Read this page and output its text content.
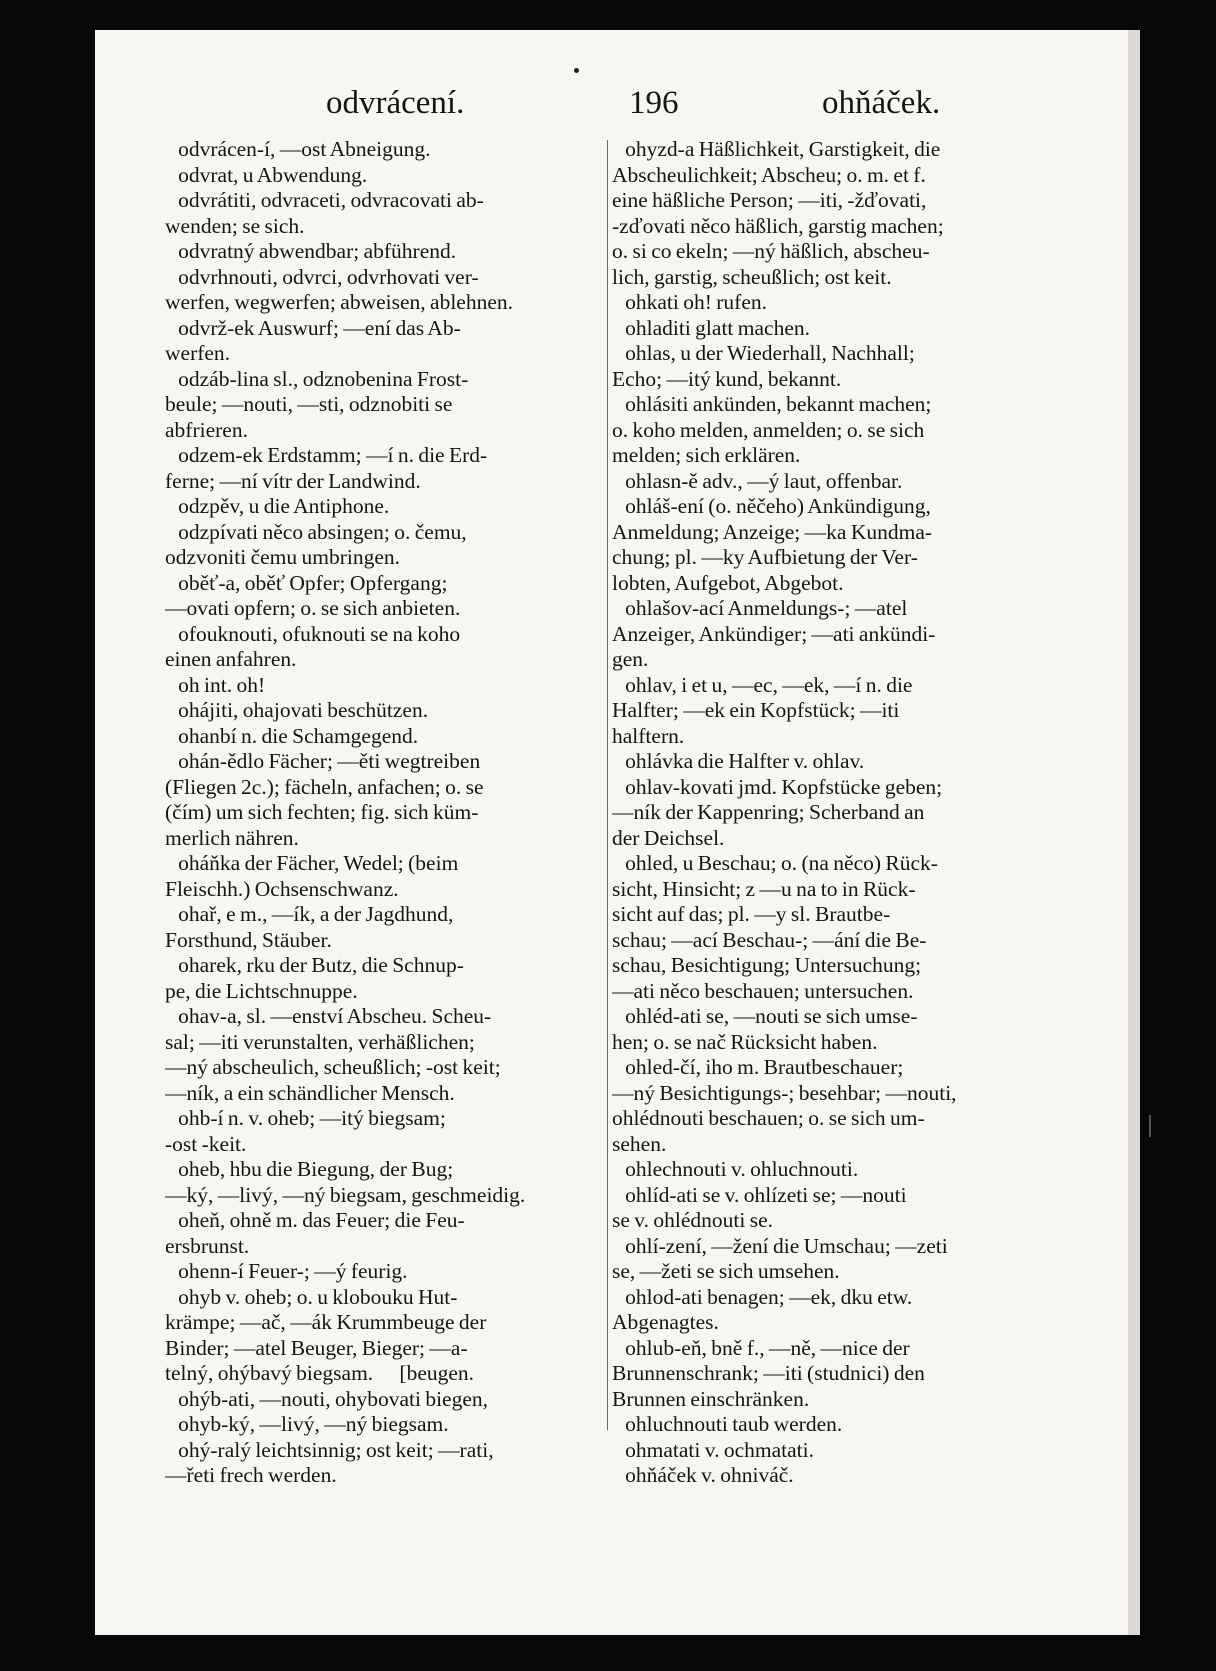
odvrácení.	196	ohňáček.
odvrácen-í, —ost Abneigung.
odvrat, u Abwendung.
odvrátiti, odvraceti, odvracovati ab-
wenden; se sich.
odvratný abwendbar; abführend.
odvrhnouti, odvrci, odvrhovati ver-
werfen, wegwerfen; abweisen, ablehnen.
odvrž-ek Auswurf; —ení das Ab-
werfen.
odzáb-lina sl., odznobenina Frost-
beule; —nouti, —sti, odznobiti se
abfrieren.
odzem-ek Erdstamm; —í n. die Erd-
ferne; —ní vítr der Landwind.
odzpěv, u die Antiphone.
odzpívati něco absingen; o. čemu,
odzvoniti čemu umbringen.
oběť-a, oběť Opfer; Opfergang;
—ovati opfern; o. se sich anbieten.
ofouknouti, ofuknouti se na koho
einen anfahren.
oh int. oh!
ohájiti, ohajovati beschützen.
ohanbí n. die Schamgegend.
ohán-ědlo Fächer; —ěti wegtreiben
(Fliegen 2c.); fächeln, anfachen; o. se
(čím) um sich fechten; fig. sich küm-
merlich nähren.
oháňka der Fächer, Wedel; (beim
Fleischh.) Ochsenschwanz.
ohař, e m., —ík, a der Jagdhund,
Forsthund, Stäuber.
oharek, rku der Butz, die Schnup-
pe, die Lichtschnuppe.
ohav-a, sl. —enství Abscheu. Scheu-
sal; —iti verunstalten, verhäßlichen;
—ný abscheulich, scheußlich; -ost keit;
—ník, a ein schändlicher Mensch.
ohb-í n. v. oheb; —itý biegsam;
-ost -keit.
oheb, hbu die Biegung, der Bug;
—ký, —livý, —ný biegsam, geschmeidig.
oheň, ohně m. das Feuer; die Feu-
ersbrunst.
ohenn-í Feuer-; —ý feurig.
ohyb v. oheb; o. u klobouku Hut-
krämpe; —ač, —ák Krummbeuge der
Binder; —atel Beuger, Bieger; —a-
telný, ohýbavý biegsam.      [beugen.
ohýb-ati, —nouti, ohybovati biegen,
ohyb-ký, —livý, —ný biegsam.
ohý-ralý leichtsinnig; ost keit; —rati,
—řeti frech werden.
ohyzd-a Häßlichkeit, Garstigkeit, die
Abscheulichkeit; Abscheu; o. m. et f.
eine häßliche Person; —iti, -žďovati,
-zďovati něco häßlich, garstig machen;
o. si co ekeln; —ný häßlich, abscheu-
lich, garstig, scheußlich; ost keit.
ohkati oh! rufen.
ohladiti glatt machen.
ohlas, u der Wiederhall, Nachhall;
Echo; —itý kund, bekannt.
ohlásiti ankünden, bekannt machen;
o. koho melden, anmelden; o. se sich
melden; sich erklären.
ohlasn-ě adv., —ý laut, offenbar.
ohláš-ení (o. něčeho) Ankündigung,
Anmeldung; Anzeige; —ka Kundma-
chung; pl. —ky Aufbietung der Ver-
lobten, Aufgebot, Abgebot.
ohlašov-ací Anmeldungs-; —atel
Anzeiger, Ankündiger; —ati ankündi-
gen.
ohlav, i et u, —ec, —ek, —í n. die
Halfter; —ek ein Kopfstück; —iti
halftern.
ohlávka die Halfter v. ohlav.
ohlav-kovati jmd. Kopfstücke geben;
—ník der Kappenring; Scherband an
der Deichsel.
ohled, u Beschau; o. (na něco) Rück-
sicht, Hinsicht; z —u na to in Rück-
sicht auf das; pl. —y sl. Brautbe-
schau; —ací Beschau-; —ání die Be-
schau, Besichtigung; Untersuchung;
—ati něco beschauen; untersuchen.
ohléd-ati se, —nouti se sich umse-
hen; o. se nač Rücksicht haben.
ohled-čí, iho m. Brautbeschauer;
—ný Besichtigungs-; besehbar; —nouti,
ohlédnouti beschauen; o. se sich um-
sehen.
ohlechnouti v. ohluchnouti.
ohlíd-ati se v. ohlízeti se; —nouti
se v. ohlédnouti se.
ohlí-zení, —žení die Umschau; —zeti
se, —žeti se sich umsehen.
ohlod-ati benagen; —ek, dku etw.
Abgenagtes.
ohlub-eň, bně f., —ně, —nice der
Brunnenschrank; —iti (studnici) den
Brunnen einschränken.
ohluchnouti taub werden.
ohmatati v. ochmatati.
ohňáček v. ohniváč.
